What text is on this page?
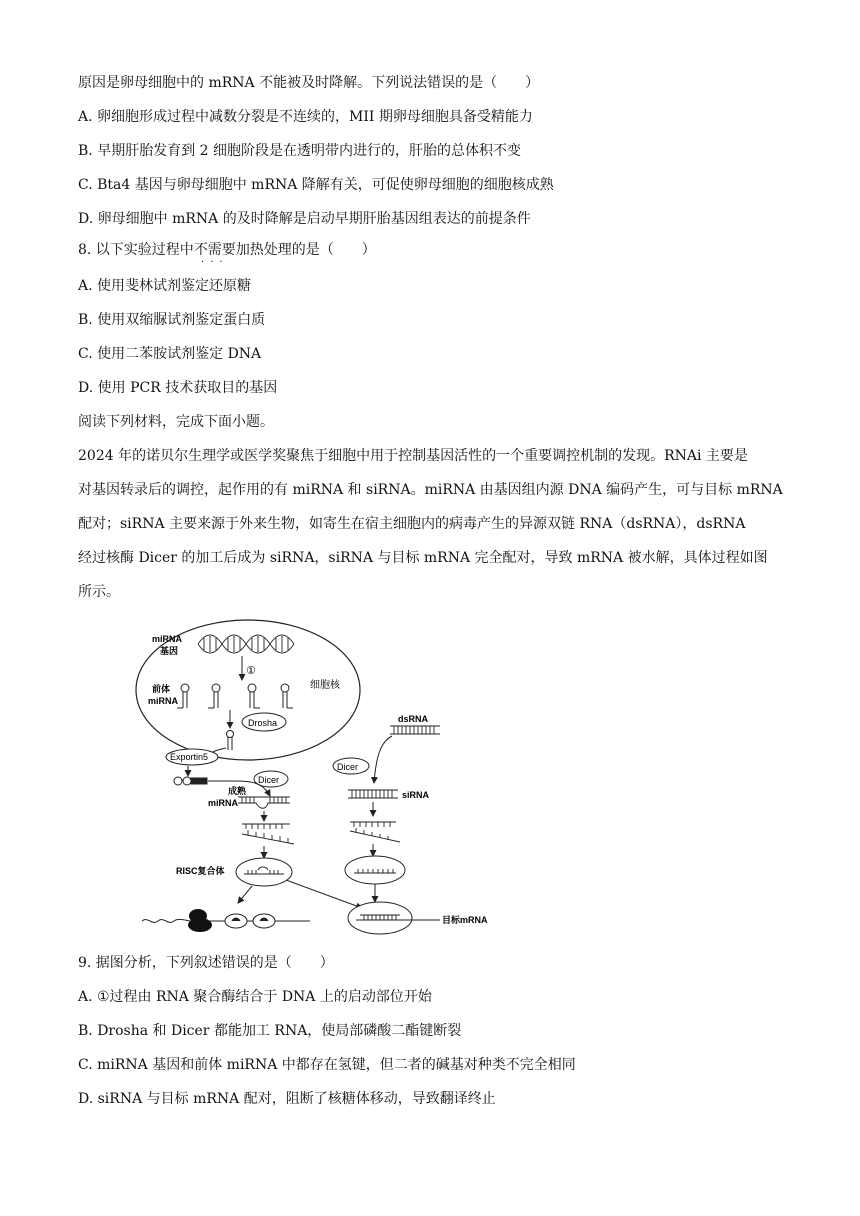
原因是卵母细胞中的 mRNA 不能被及时降解。下列说法错误的是（　　）
A. 卵细胞形成过程中减数分裂是不连续的，MII 期卵母细胞具备受精能力
B. 早期肝胎发育到 2 细胞阶段是在透明带内进行的，肝胎的总体积不变
C. Bta4 基因与卵母细胞中 mRNA 降解有关，可促使卵母细胞的细胞核成熟
D. 卵母细胞中 mRNA 的及时降解是启动早期肝胎基因组表达的前提条件
8. 以下实验过程中不需要
···
加热处理的是（　　）
A. 使用斐林试剂鉴定还原糖
B. 使用双缩脲试剂鉴定蛋白质
C. 使用二苯胺试剂鉴定 DNA
D. 使用 PCR 技术获取目的基因
阅读下列材料，完成下面小题。
2024 年的诺贝尔生理学或医学奖聚焦于细胞中用于控制基因活性的一个重要调控机制的发现。RNAi 主要是
对基因转录后的调控，起作用的有 miRNA 和 siRNA。miRNA 由基因组内源 DNA 编码产生，可与目标 mRNA
配对；siRNA 主要来源于外来生物，如寄生在宿主细胞内的病毒产生的异源双链 RNA（dsRNA），dsRNA
经过核酶 Dicer 的加工后成为 siRNA，siRNA 与目标 mRNA 完全配对，导致 mRNA 被水解，具体过程如图
所示。
细胞核
miRNA
基因
①
前体
miRNA
Drosha
Exportin5
Dicer
成熟
miRNA
RISC复合体
dsRNA
Dicer
siRNA
目标mRNA
9. 据图分析，下列叙述错误的是（　　）
A. ①过程由 RNA 聚合酶结合于 DNA 上的启动部位开始
B. Drosha 和 Dicer 都能加工 RNA，使局部磷酸二酯键断裂
C. miRNA 基因和前体 miRNA 中都存在氢键，但二者的碱基对种类不完全相同
D. siRNA 与目标 mRNA 配对，阻断了核糖体移动，导致翻译终止
